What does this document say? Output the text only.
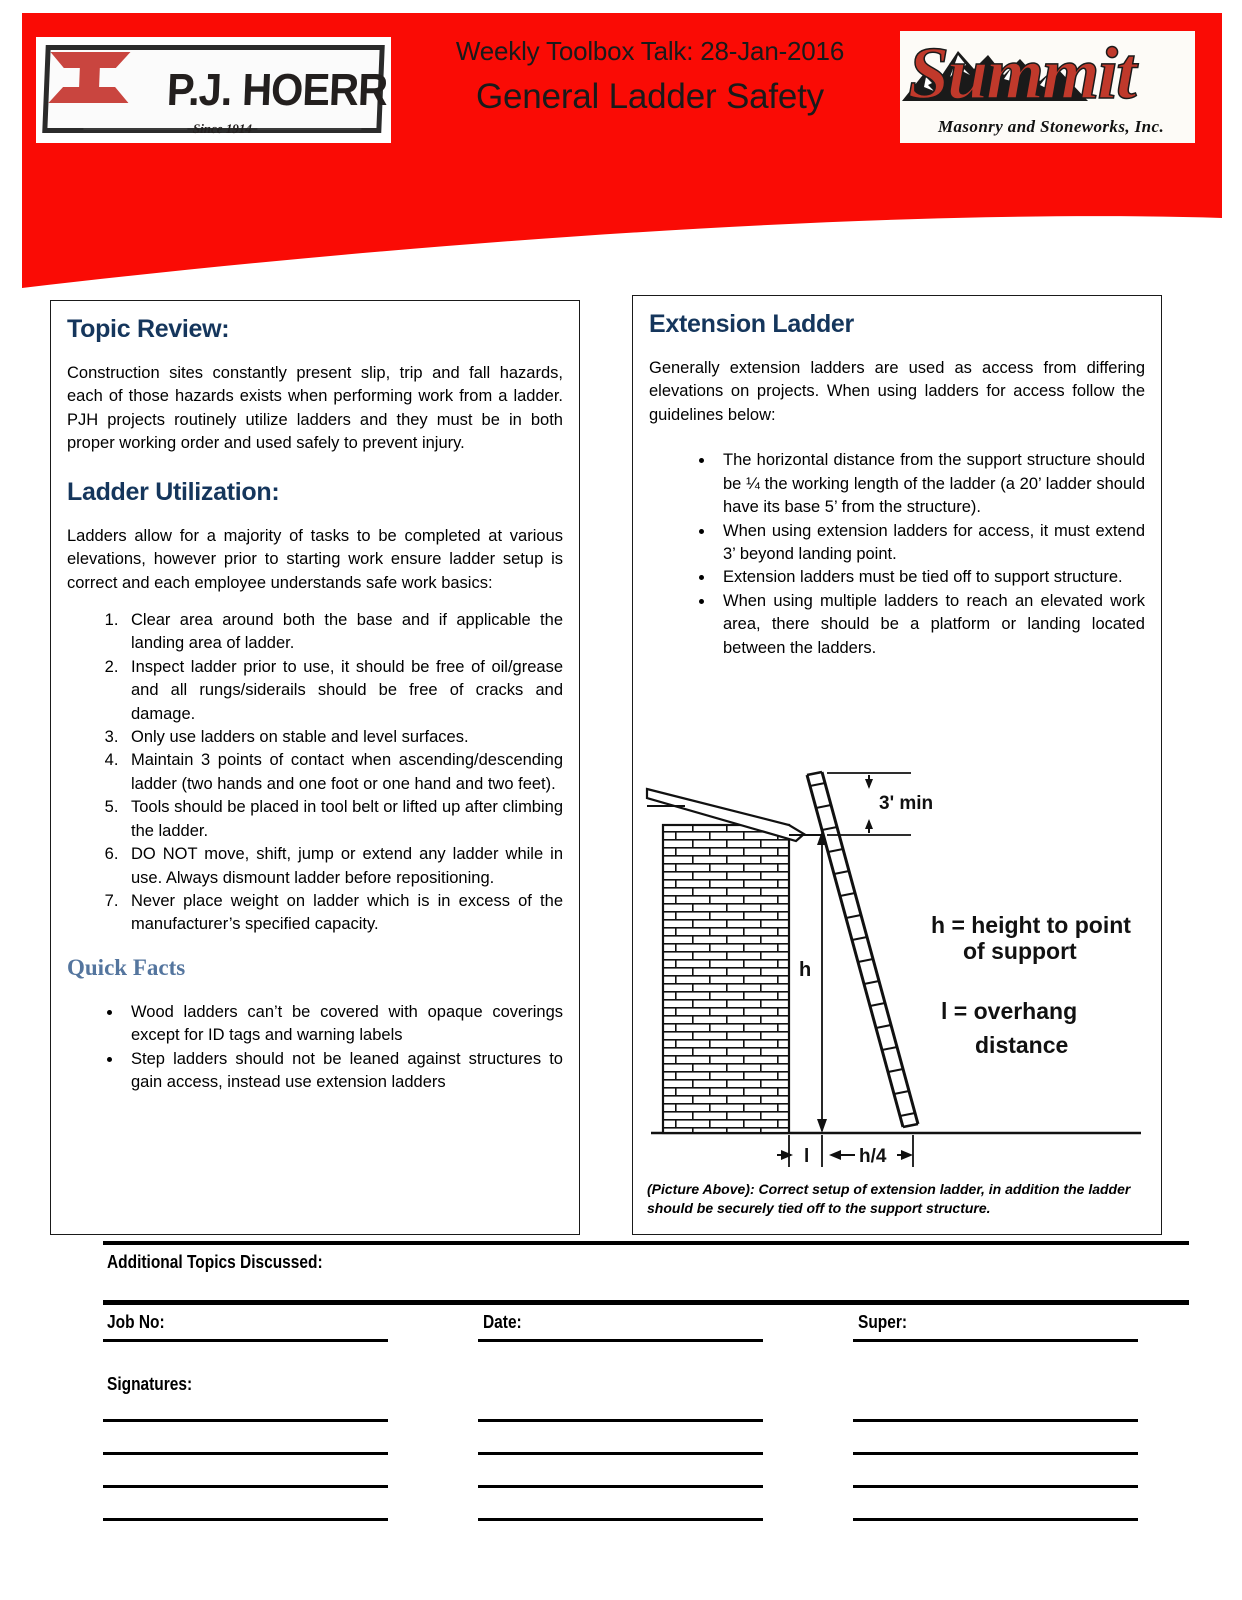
P.J. HOERR
Since 1914
Weekly Toolbox Talk: 28-Jan-2016
General Ladder Safety	Summit
Masonry and Stoneworks, Inc.
Topic Review:

Construction sites constantly present slip, trip and fall hazards, each of those hazards exists when performing work from a ladder. PJH projects routinely utilize ladders and they must be in both proper working order and used safely to prevent injury.

Ladder Utilization:

Ladders allow for a majority of tasks to be completed at various elevations, however prior to starting work ensure ladder setup is correct and each employee understands safe work basics:

1. Clear area around both the base and if applicable the landing area of ladder.
2. Inspect ladder prior to use, it should be free of oil/grease and all rungs/siderails should be free of cracks and damage.
3. Only use ladders on stable and level surfaces.
4. Maintain 3 points of contact when ascending/descending ladder (two hands and one foot or one hand and two feet).
5. Tools should be placed in tool belt or lifted up after climbing the ladder.
6. DO NOT move, shift, jump or extend any ladder while in use. Always dismount ladder before repositioning.
7. Never place weight on ladder which is in excess of the manufacturer’s specified capacity.
Quick Facts
• Wood ladders can’t be covered with opaque coverings except for ID tags and warning labels
• Step ladders should not be leaned against structures to gain access, instead use extension ladders
Extension Ladder

Generally extension ladders are used as access from differing elevations on projects. When using ladders for access follow the guidelines below:

• The horizontal distance from the support structure should be ¼ the working length of the ladder (a 20’ ladder should have its base 5’ from the structure).
• When using extension ladders for access, it must extend 3’ beyond landing point.
• Extension ladders must be tied off to support structure.
• When using multiple ladders to reach an elevated work area, there should be a platform or landing located between the ladders.
3' min
h
l	h/4
h = height to point
of support
l = overhang
distance
(Picture Above): Correct setup of extension ladder, in addition the ladder should be securely tied off to the support structure.
Additional Topics Discussed:
Job No:	Date:	Super:
Signatures:
